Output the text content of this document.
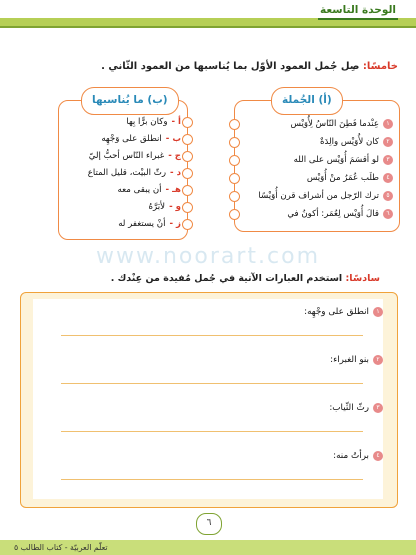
الوحدة التاسعة
خامسًا: صِل جُمل العمود الأوّل بما يُناسبها من العمود الثّاني .
(أ) الجُملة
١عِنْدما فَطِنَ النّاسُ لِأُوَيْس
٢كان لأُوَيْس والِدَةٌ
٣لو أقسَمَ أُوَيْس على الله
٤طلَب عُمَرُ منْ أُوَيْس
٥ترك الرّجل من أشراف قرن أُوَيْسًا
٦قالَ أُوَيْس لِعُمَر: أكونُ في
(ب) ما يُناسبها
أ -وكان برًّا بِها
ب -انطلق على وَجْهِه
ج -غبراء النّاس أحبُّ إليّ
د -رثّ البيْت، قليل المتاع
هـ -أن يبقى معه
و -لأبَرَّهُ
ز -أنْ يستغفر له
www.noorart.com
سادسًا: استخدم العبارات الآتية في جُمل مُفيدة من عِنْدك .
١انطلق على وجْهِه:
٢بنو الغبراء:
٣رثّ الثّياب:
٤برأتُ منه:
٦
تعلّم العربيّة - كتاب الطالب ٥
